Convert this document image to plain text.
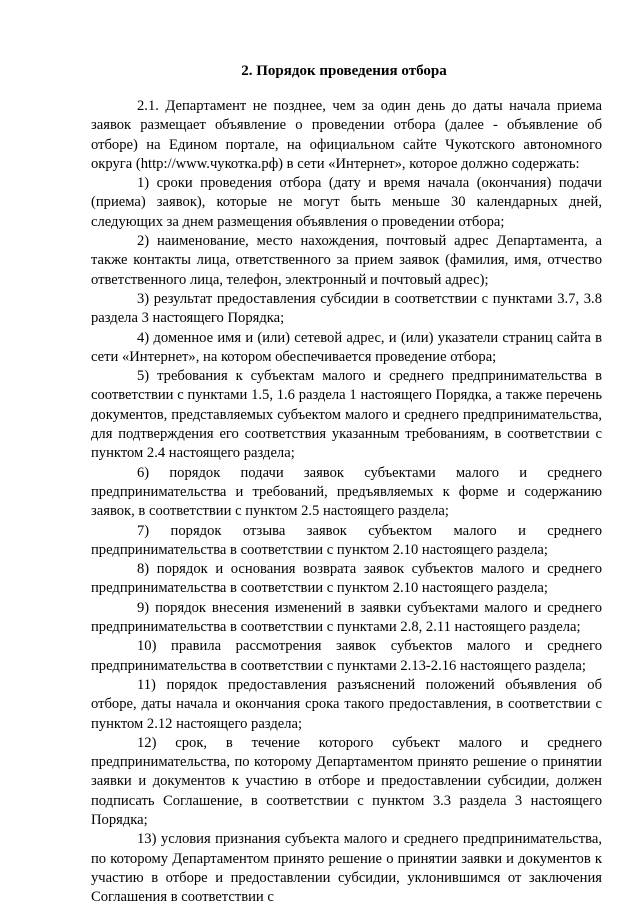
2. Порядок проведения отбора

2.1. Департамент не позднее, чем за один день до даты начала приема заявок размещает объявление о проведении отбора (далее - объявление об отборе) на Едином портале, на официальном сайте Чукотского автономного округа (http://www.чукотка.рф) в сети «Интернет», которое должно содержать:

1) сроки проведения отбора (дату и время начала (окончания) подачи (приема) заявок), которые не могут быть меньше 30 календарных дней, следующих за днем размещения объявления о проведении отбора;

2) наименование, место нахождения, почтовый адрес Департамента, а также контакты лица, ответственного за прием заявок (фамилия, имя, отчество ответственного лица, телефон, электронный и почтовый адрес);

3) результат предоставления субсидии в соответствии с пунктами 3.7, 3.8 раздела 3 настоящего Порядка;

4) доменное имя и (или) сетевой адрес, и (или) указатели страниц сайта в сети «Интернет», на котором обеспечивается проведение отбора;

5) требования к субъектам малого и среднего предпринимательства в соответствии с пунктами 1.5, 1.6 раздела 1 настоящего Порядка, а также перечень документов, представляемых субъектом малого и среднего предпринимательства, для подтверждения его соответствия указанным требованиям, в соответствии с пунктом 2.4 настоящего раздела;

6) порядок подачи заявок субъектами малого и среднего предпринимательства и требований, предъявляемых к форме и содержанию заявок, в соответствии с пунктом 2.5 настоящего раздела;

7) порядок отзыва заявок субъектом малого и среднего предпринимательства в соответствии с пунктом 2.10 настоящего раздела;

8) порядок и основания возврата заявок субъектов малого и среднего предпринимательства в соответствии с пунктом 2.10 настоящего раздела;

9) порядок внесения изменений в заявки субъектами малого и среднего предпринимательства в соответствии с пунктами 2.8, 2.11 настоящего раздела;

10) правила рассмотрения заявок субъектов малого и среднего предпринимательства в соответствии с пунктами 2.13-2.16 настоящего раздела;

11) порядок предоставления разъяснений положений объявления об отборе, даты начала и окончания срока такого предоставления, в соответствии с пунктом 2.12 настоящего раздела;

12) срок, в течение которого субъект малого и среднего предпринимательства, по которому Департаментом принято решение о принятии заявки и документов к участию в отборе и предоставлении субсидии, должен подписать Соглашение, в соответствии с пунктом 3.3 раздела 3 настоящего Порядка;

13) условия признания субъекта малого и среднего предпринимательства, по которому Департаментом принято решение о принятии заявки и документов к участию в отборе и предоставлении субсидии, уклонившимся от заключения Соглашения в соответствии с
